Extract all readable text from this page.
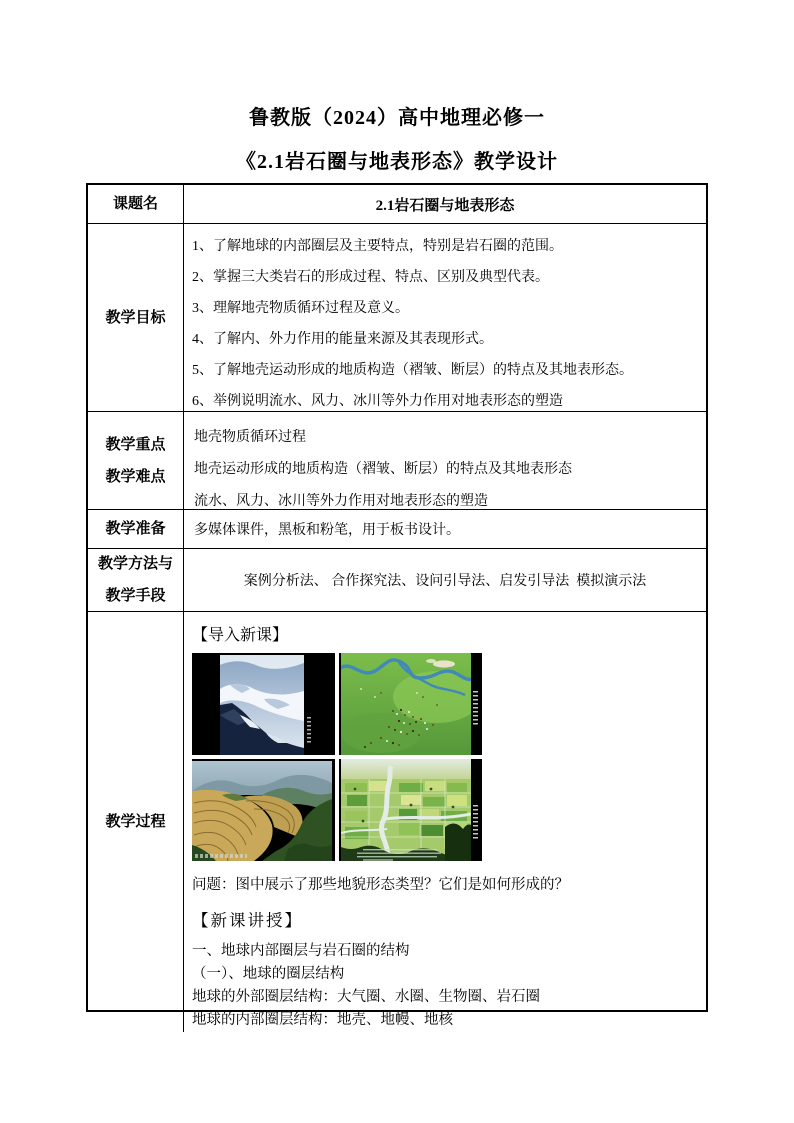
鲁教版（2024）高中地理必修一
《2.1岩石圈与地表形态》教学设计
课题名	2.1岩石圈与地表形态
教学目标
1、了解地球的内部圈层及主要特点，特别是岩石圈的范围。
2、掌握三大类岩石的形成过程、特点、区别及典型代表。
3、理解地壳物质循环过程及意义。
4、了解内、外力作用的能量来源及其表现形式。
5、了解地壳运动形成的地质构造（褶皱、断层）的特点及其地表形态。
6、举例说明流水、风力、冰川等外力作用对地表形态的塑造
教学重点
教学难点
地壳物质循环过程
地壳运动形成的地质构造（褶皱、断层）的特点及其地表形态
流水、风力、冰川等外力作用对地表形态的塑造
教学准备	多媒体课件，黑板和粉笔，用于板书设计。
教学方法与
教学手段
案例分析法、 合作探究法、设问引导法、启发引导法  模拟演示法
教学过程
【导入新课】
问题：图中展示了那些地貌形态类型？它们是如何形成的？
【新课讲授】
一、地球内部圈层与岩石圈的结构
（一）、地球的圈层结构
地球的外部圈层结构：大气圈、水圈、生物圈、岩石圈
地球的内部圈层结构：地壳、地幔、地核
